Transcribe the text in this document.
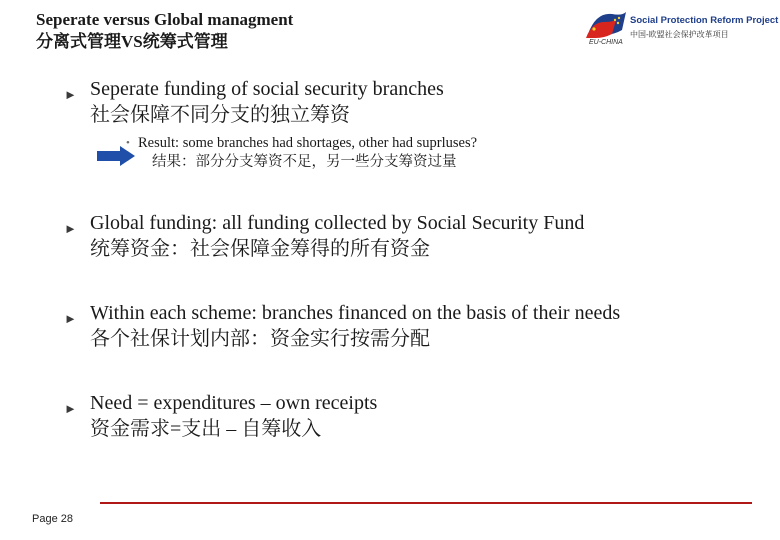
Seperate versus Global managment
分离式管理VS统筹式管理
Social Protection Reform Project
中国-欧盟社会保护改革项目
EU-CHINA
► Seperate funding of social security branches
社会保障不同分支的独立筹资
• Result: some branches had shortages, other had suprluses?
结果：部分分支筹资不足，另一些分支筹资过量
► Global funding: all funding collected by Social Security Fund
统筹资金：社会保障金筹得的所有资金
► Within each scheme: branches financed on the basis of their needs
各个社保计划内部：资金实行按需分配
► Need = expenditures – own receipts
资金需求=支出 – 自筹收入
Page 28
